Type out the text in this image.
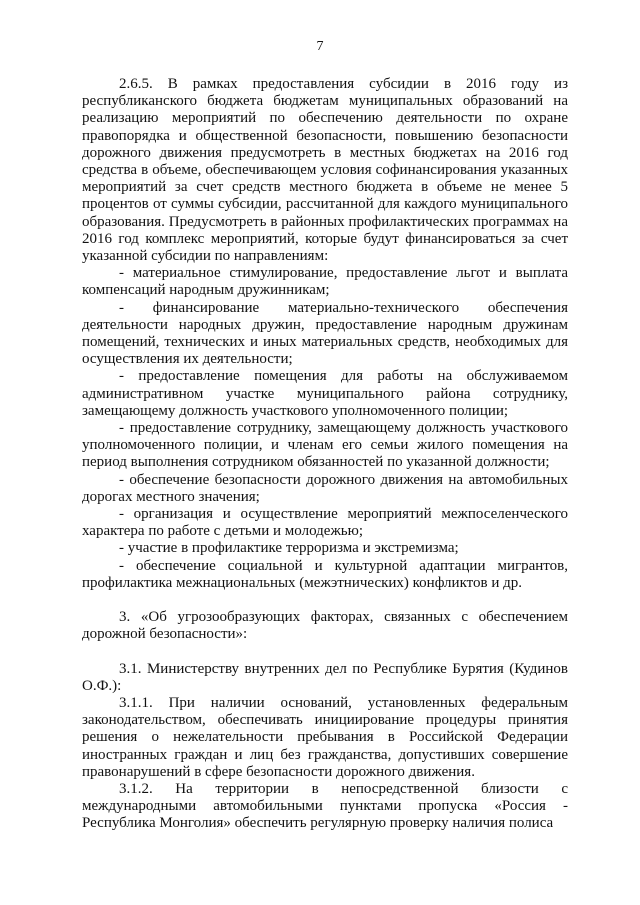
7

2.6.5. В рамках предоставления субсидии в 2016 году из республиканского бюджета бюджетам муниципальных образований на реализацию мероприятий по обеспечению деятельности по охране правопорядка и общественной безопасности, повышению безопасности дорожного движения предусмотреть в местных бюджетах на 2016 год средства в объеме, обеспечивающем условия софинансирования указанных мероприятий за счет средств местного бюджета в объеме не менее 5 процентов от суммы субсидии, рассчитанной для каждого муниципального образования. Предусмотреть в районных профилактических программах на 2016 год комплекс мероприятий, которые будут финансироваться за счет указанной субсидии по направлениям:

- материальное стимулирование, предоставление льгот и выплата компенсаций народным дружинникам;

- финансирование материально-технического обеспечения деятельности народных дружин, предоставление народным дружинам помещений, технических и иных материальных средств, необходимых для осуществления их деятельности;

- предоставление помещения для работы на обслуживаемом административном участке муниципального района сотруднику, замещающему должность участкового уполномоченного полиции;

- предоставление сотруднику, замещающему должность участкового уполномоченного полиции, и членам его семьи жилого помещения на период выполнения сотрудником обязанностей по указанной должности;

- обеспечение безопасности дорожного движения на автомобильных дорогах местного значения;

- организация и осуществление мероприятий межпоселенческого характера по работе с детьми и молодежью;

- участие в профилактике терроризма и экстремизма;

- обеспечение социальной и культурной адаптации мигрантов, профилактика межнациональных (межэтнических) конфликтов и др.

3. «Об угрозообразующих факторах, связанных с обеспечением дорожной безопасности»:

3.1. Министерству внутренних дел по Республике Бурятия (Кудинов О.Ф.):

3.1.1. При наличии оснований, установленных федеральным законодательством, обеспечивать инициирование процедуры принятия решения о нежелательности пребывания в Российской Федерации иностранных граждан и лиц без гражданства, допустивших совершение правонарушений в сфере безопасности дорожного движения.

3.1.2. На территории в непосредственной близости с международными автомобильными пунктами пропуска «Россия - Республика Монголия» обеспечить регулярную проверку наличия полиса
